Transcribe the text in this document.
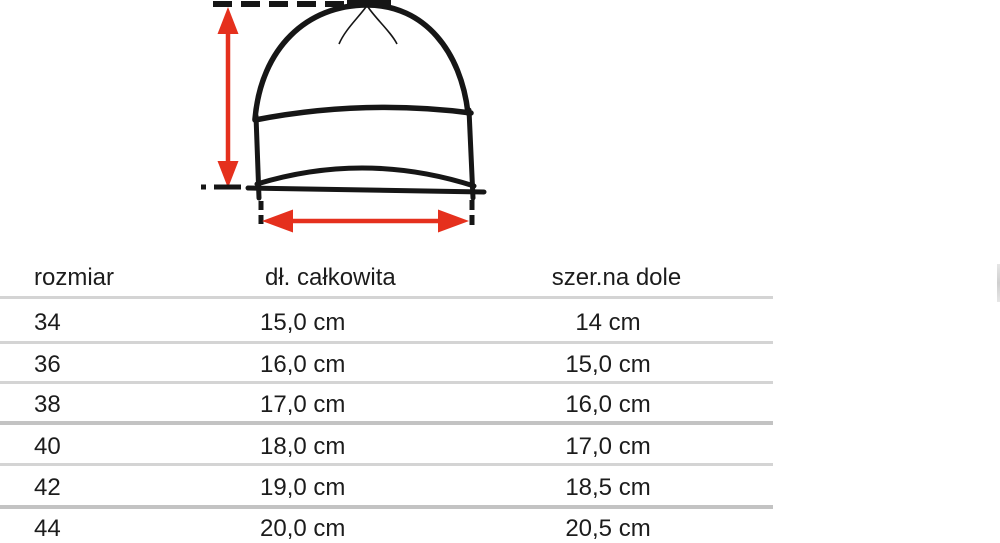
rozmiar	dł. całkowita	szer.na dole
34	15,0 cm	14 cm
36	16,0 cm	15,0 cm
38	17,0 cm	16,0 cm
40	18,0 cm	17,0 cm
42	19,0 cm	18,5 cm
44	20,0 cm	20,5 cm
